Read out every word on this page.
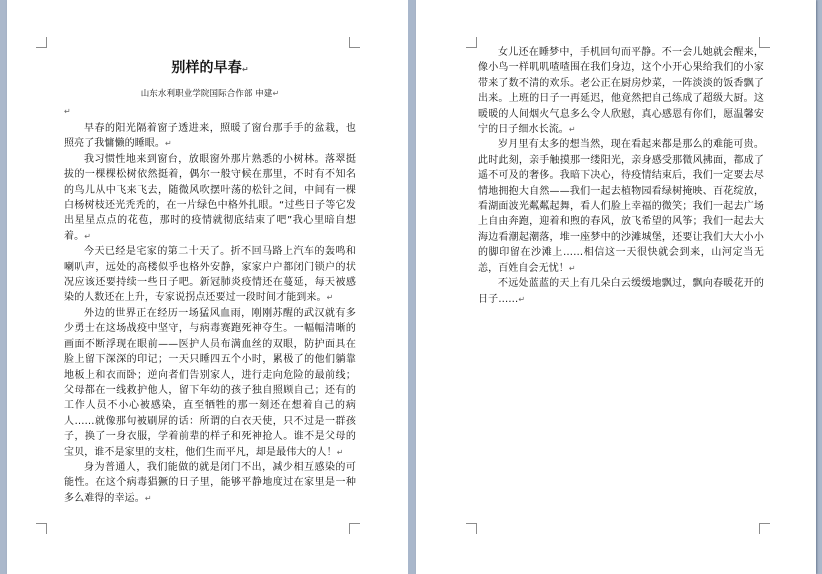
别样的早春↵
山东水利职业学院国际合作部 申建↵
↵

早春的阳光隔着窗子透进来，照暖了窗台那手手的盆栽，也照亮了我慵懒的睡眼。↵

我习惯性地来到窗台，放眼窗外那片熟悉的小树林。落翠挺拔的一棵棵松树依然挺着，偶尔一般守候在那里，不时有不知名的鸟儿从中飞来飞去，随微风吹摆叶荡的松针之间，中间有一棵白杨树枝还光秃秃的，在一片绿色中格外扎眼。“过些日子等它发出星星点点的花苞，那时的疫情就彻底结束了吧”我心里暗自想着。↵

今天已经是宅家的第二十天了。折不回马路上汽车的轰鸣和喇叭声，远处的高楼似乎也格外安静，家家户户都闭门锁户的状况应该还要持续一些日子吧。新冠肺炎疫情还在蔓延，每天被感染的人数还在上升，专家说拐点还要过一段时间才能到来。↵

外边的世界正在经历一场猛风血雨，刚刚苏醒的武汉就有多少勇士在这场战疫中坚守，与病毒赛跑死神夺生。一幅幅清晰的画面不断浮现在眼前——医护人员布满血丝的双眼，防护面具在脸上留下深深的印记；一天只睡四五个小时，累极了的他们躺靠地板上和衣而卧；逆向者们告别家人，进行走向危险的最前线；父母都在一线救护他人，留下年幼的孩子独自照顾自己；还有的工作人员不小心被感染，直至牺牲的那一刻还在想着自己的病人……就像那句被刷屏的话：所谓的白衣天使，只不过是一群孩子，换了一身衣服，学着前辈的样子和死神抢人。谁不是父母的宝贝，谁不是家里的支柱，他们生而平凡，却是最伟大的人！↵

身为普通人，我们能做的就是闭门不出，减少相互感染的可能性。在这个病毒猖獗的日子里，能够平静地度过在家里是一种多么难得的幸运。↵

女儿还在睡梦中，手机回句而平静。不一会儿她就会醒来，像小鸟一样叽叽喳喳围在我们身边，这个小开心果给我们的小家带来了数不清的欢乐。老公正在厨房炒菜，一阵淡淡的饭香飘了出来。上班的日子一再延迟，他竟然把自己练成了超级大厨。这暖暖的人间烟火气息多么令人欣慰，真心感恩有你们，愿温馨安宁的日子细水长流。↵

岁月里有太多的想当然，现在看起来都是那么的难能可贵。此时此刻，亲手触摸那一缕阳光，亲身感受那微风拂面，都成了遥不可及的奢侈。我暗下决心，待疫情结束后，我们一定要去尽情地拥抱大自然——我们一起去植物园看绿树掩映、百花绽放，看湖面波光粼粼起舞，看人们脸上幸福的微笑；我们一起去广场上自由奔跑，迎着和煦的春风，放飞希望的风筝；我们一起去大海边看潮起潮落，堆一座梦中的沙滩城堡，还要让我们大大小小的脚印留在沙滩上……相信这一天很快就会到来，山河定当无恙，百姓自会无忧！↵

不远处蓝蓝的天上有几朵白云缓缓地飘过，飘向春暖花开的日子……↵
